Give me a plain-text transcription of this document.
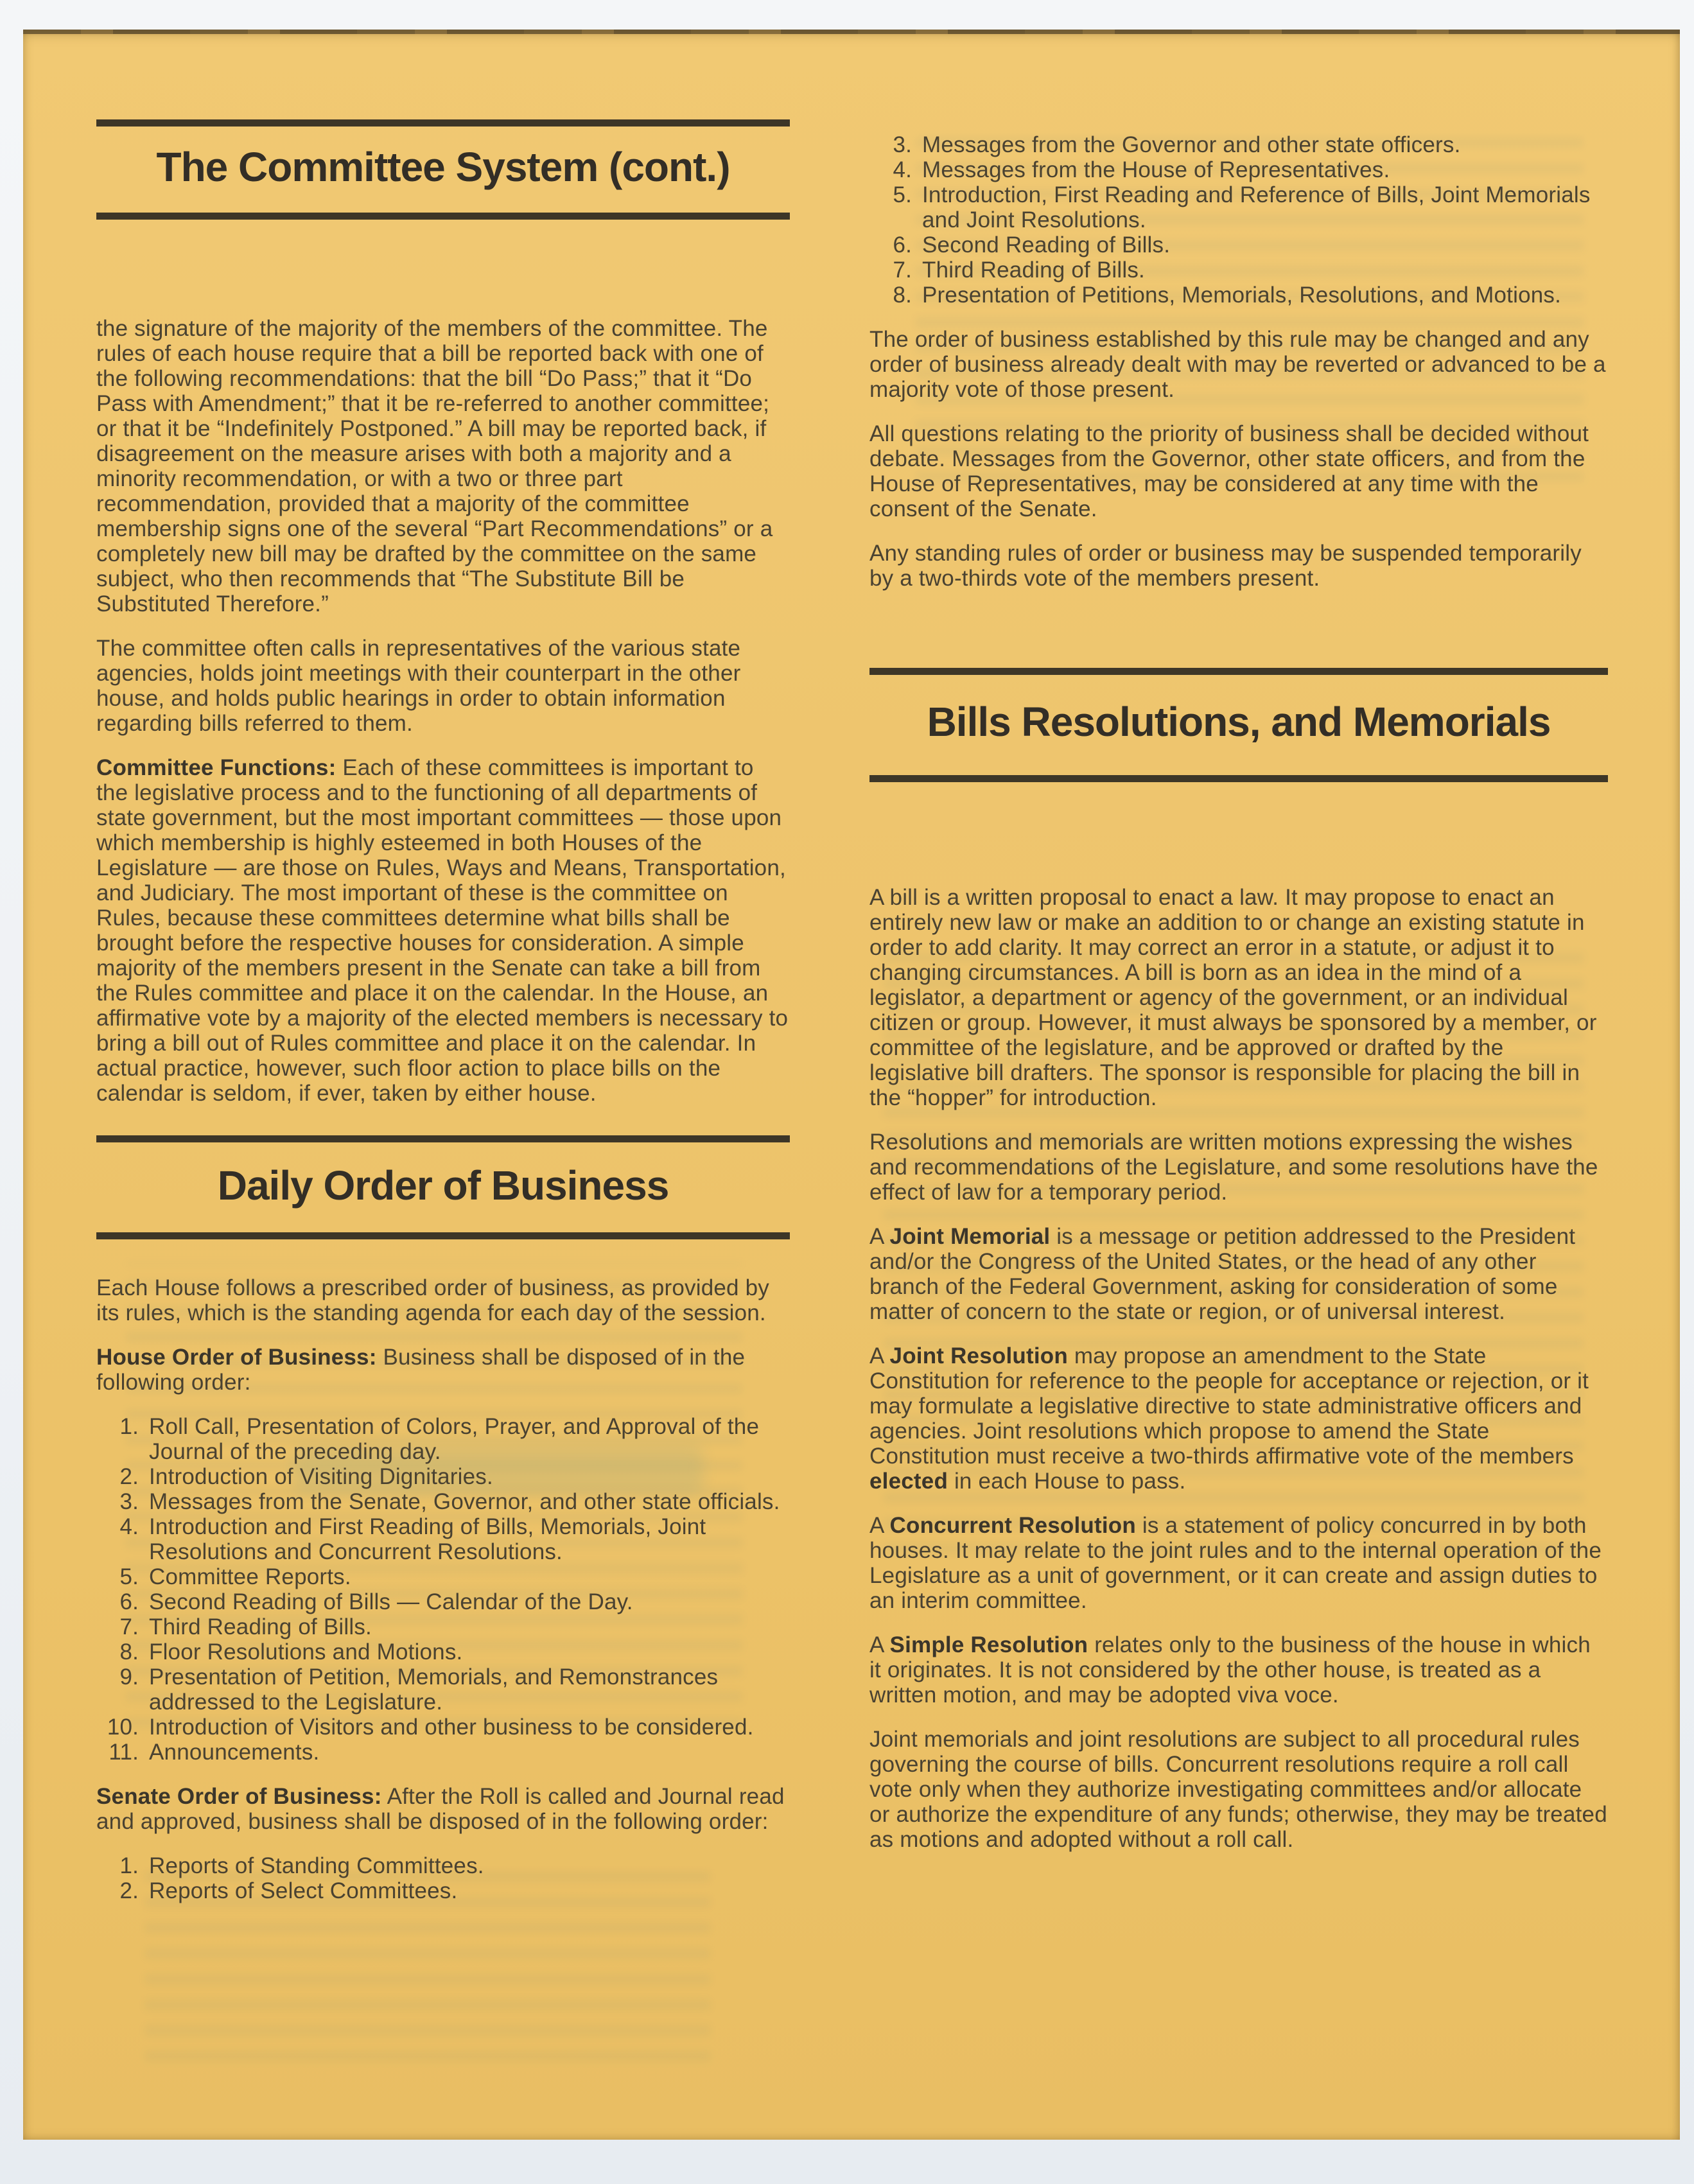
The Committee System (cont.)

the signature of the majority of the members of the committee. The rules of each house require that a bill be reported back with one of the following recommendations: that the bill “Do Pass;” that it “Do Pass with Amendment;” that it be re-referred to another committee; or that it be “Indefinitely Postponed.” A bill may be reported back, if disagreement on the measure arises with both a majority and a minority recommendation, or with a two or three part recommendation, provided that a majority of the committee membership signs one of the several “Part Recommendations” or a completely new bill may be drafted by the committee on the same subject, who then recommends that “The Substitute Bill be Substituted Therefore.”

The committee often calls in representatives of the various state agencies, holds joint meetings with their counterpart in the other house, and holds public hearings in order to obtain information regarding bills referred to them.

Committee Functions: Each of these committees is important to the legislative process and to the functioning of all departments of state government, but the most important committees — those upon which membership is highly esteemed in both Houses of the Legislature — are those on Rules, Ways and Means, Transportation, and Judiciary. The most important of these is the committee on Rules, because these committees determine what bills shall be brought before the respective houses for consideration. A simple majority of the members present in the Senate can take a bill from the Rules committee and place it on the calendar. In the House, an affirmative vote by a majority of the elected members is necessary to bring a bill out of Rules committee and place it on the calendar. In actual practice, however, such floor action to place bills on the calendar is seldom, if ever, taken by either house.

Daily Order of Business

Each House follows a prescribed order of business, as provided by its rules, which is the standing agenda for each day of the session.

House Order of Business: Business shall be disposed of in the following order:

1. Roll Call, Presentation of Colors, Prayer, and Approval of the Journal of the preceding day.
2. Introduction of Visiting Dignitaries.
3. Messages from the Senate, Governor, and other state officials.
4. Introduction and First Reading of Bills, Memorials, Joint Resolutions and Concurrent Resolutions.
5. Committee Reports.
6. Second Reading of Bills — Calendar of the Day.
7. Third Reading of Bills.
8. Floor Resolutions and Motions.
9. Presentation of Petition, Memorials, and Remonstrances addressed to the Legislature.
10. Introduction of Visitors and other business to be considered.
11. Announcements.

Senate Order of Business: After the Roll is called and Journal read and approved, business shall be disposed of in the following order:

1. Reports of Standing Committees.
2. Reports of Select Committees.
3. Messages from the Governor and other state officers.
4. Messages from the House of Representatives.
5. Introduction, First Reading and Reference of Bills, Joint Memorials and Joint Resolutions.
6. Second Reading of Bills.
7. Third Reading of Bills.
8. Presentation of Petitions, Memorials, Resolutions, and Motions.

The order of business established by this rule may be changed and any order of business already dealt with may be reverted or advanced to be a majority vote of those present.

All questions relating to the priority of business shall be decided without debate. Messages from the Governor, other state officers, and from the House of Representatives, may be considered at any time with the consent of the Senate.

Any standing rules of order or business may be suspended temporarily by a two-thirds vote of the members present.

Bills Resolutions, and Memorials

A bill is a written proposal to enact a law. It may propose to enact an entirely new law or make an addition to or change an existing statute in order to add clarity. It may correct an error in a statute, or adjust it to changing circumstances. A bill is born as an idea in the mind of a legislator, a department or agency of the government, or an individual citizen or group. However, it must always be sponsored by a member, or committee of the legislature, and be approved or drafted by the legislative bill drafters. The sponsor is responsible for placing the bill in the “hopper” for introduction.

Resolutions and memorials are written motions expressing the wishes and recommendations of the Legislature, and some resolutions have the effect of law for a temporary period.

A Joint Memorial is a message or petition addressed to the President and/or the Congress of the United States, or the head of any other branch of the Federal Government, asking for consideration of some matter of concern to the state or region, or of universal interest.

A Joint Resolution may propose an amendment to the State Constitution for reference to the people for acceptance or rejection, or it may formulate a legislative directive to state administrative officers and agencies. Joint resolutions which propose to amend the State Constitution must receive a two-thirds affirmative vote of the members elected in each House to pass.

A Concurrent Resolution is a statement of policy concurred in by both houses. It may relate to the joint rules and to the internal operation of the Legislature as a unit of government, or it can create and assign duties to an interim committee.

A Simple Resolution relates only to the business of the house in which it originates. It is not considered by the other house, is treated as a written motion, and may be adopted viva voce.

Joint memorials and joint resolutions are subject to all procedural rules governing the course of bills. Concurrent resolutions require a roll call vote only when they authorize investigating committees and/or allocate or authorize the expenditure of any funds; otherwise, they may be treated as motions and adopted without a roll call.
